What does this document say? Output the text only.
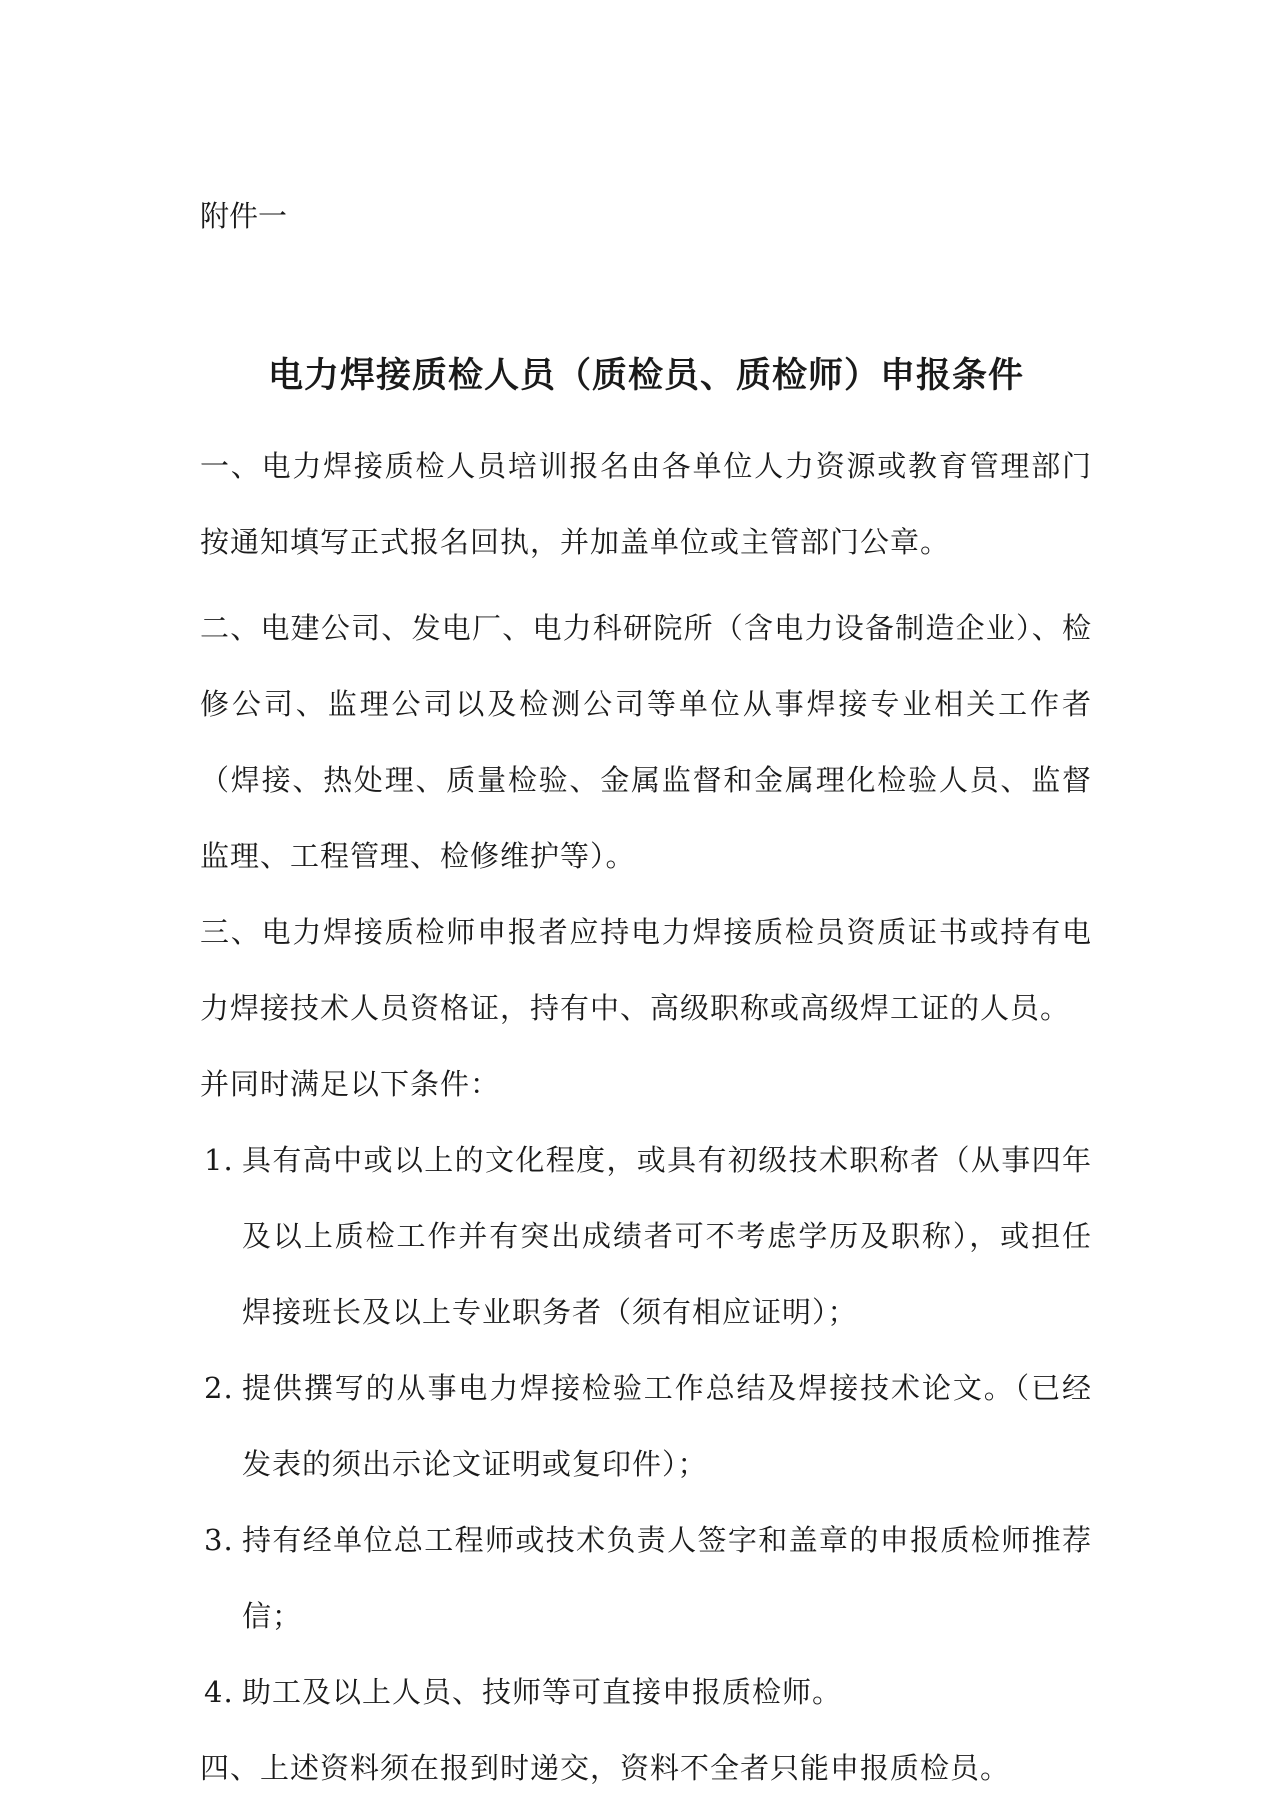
附件一
电力焊接质检人员（质检员、质检师）申报条件

一、电力焊接质检人员培训报名由各单位人力资源或教育管理部门按通知填写正式报名回执，并加盖单位或主管部门公章。

二、电建公司、发电厂、电力科研院所（含电力设备制造企业）、检修公司、监理公司以及检测公司等单位从事焊接专业相关工作者（焊接、热处理、质量检验、金属监督和金属理化检验人员、监督监理、工程管理、检修维护等）。

三、电力焊接质检师申报者应持电力焊接质检员资质证书或持有电力焊接技术人员资格证，持有中、高级职称或高级焊工证的人员。

并同时满足以下条件：

1. 具有高中或以上的文化程度，或具有初级技术职称者（从事四年及以上质检工作并有突出成绩者可不考虑学历及职称），或担任焊接班长及以上专业职务者（须有相应证明）；
2. 提供撰写的从事电力焊接检验工作总结及焊接技术论文。（已经发表的须出示论文证明或复印件）；
3. 持有经单位总工程师或技术负责人签字和盖章的申报质检师推荐信；
4. 助工及以上人员、技师等可直接申报质检师。

四、上述资料须在报到时递交，资料不全者只能申报质检员。
